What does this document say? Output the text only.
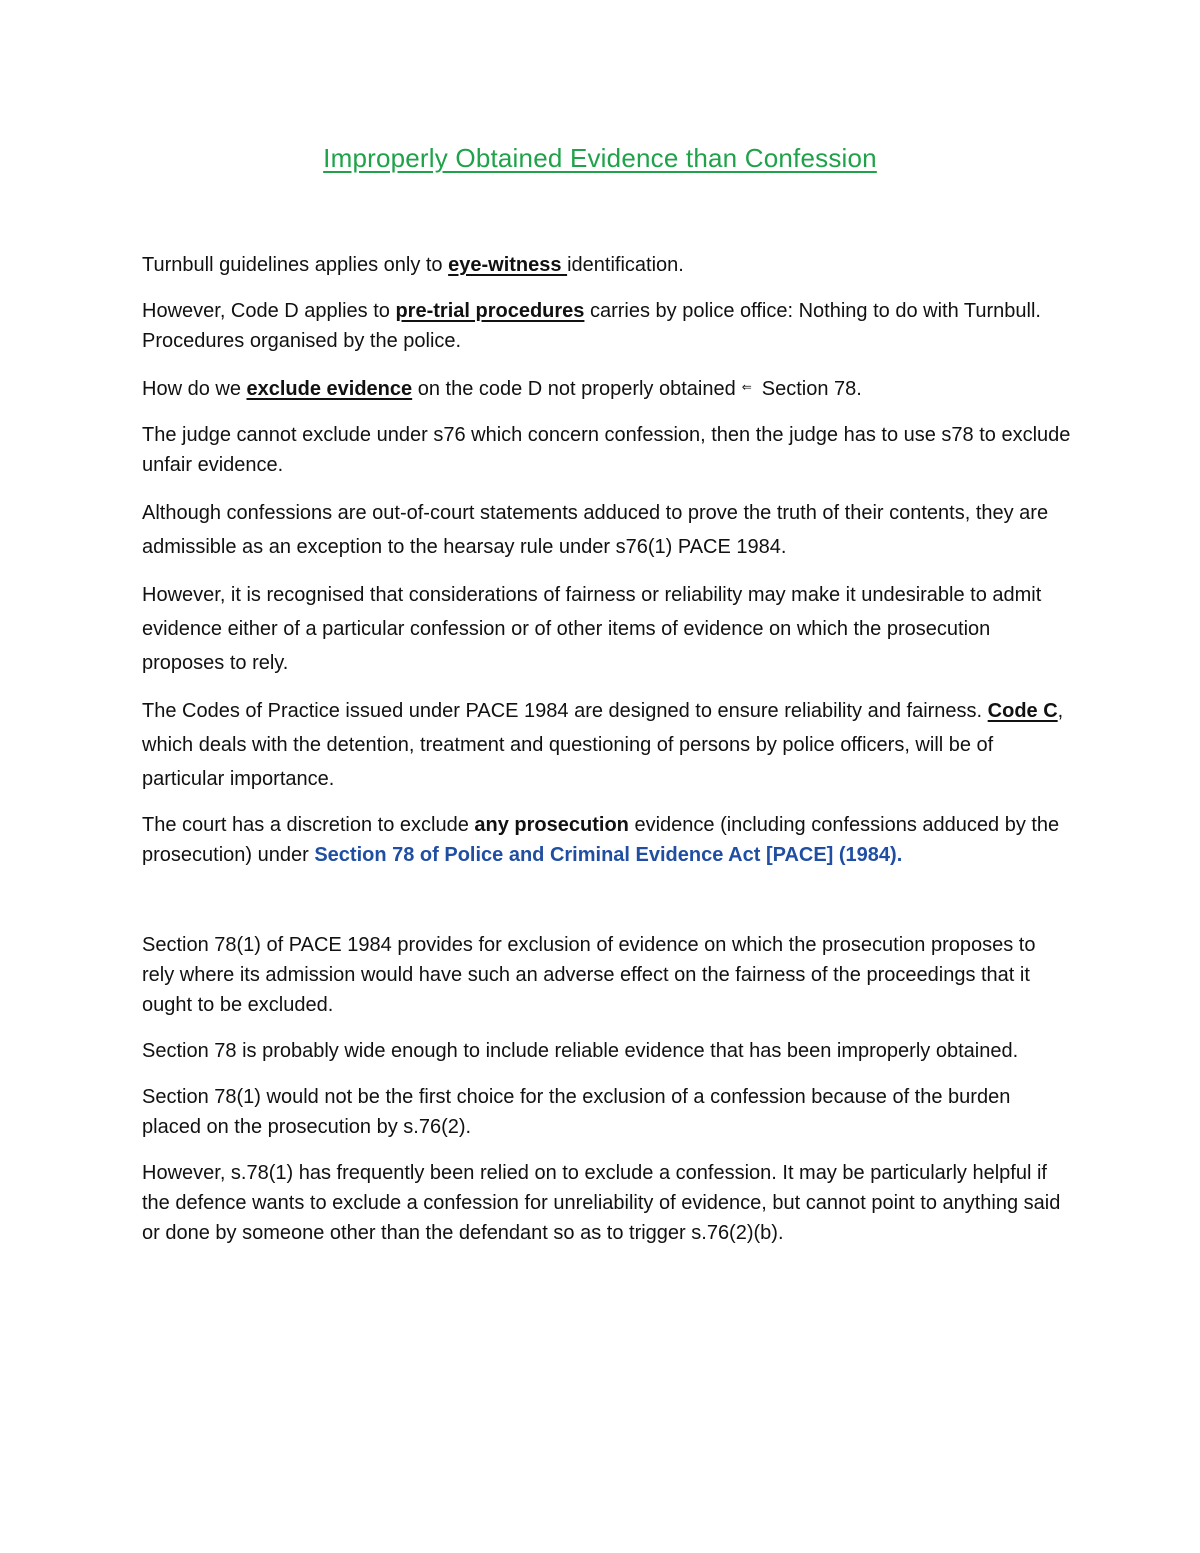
Improperly Obtained Evidence than Confession

Turnbull guidelines applies only to eye-witness identification.

However, Code D applies to pre-trial procedures carries by police office: Nothing to do with Turnbull. Procedures organised by the police.

How do we exclude evidence on the code D not properly obtained ⇐ Section 78.

The judge cannot exclude under s76 which concern confession, then the judge has to use s78 to exclude unfair evidence.

Although confessions are out-of-court statements adduced to prove the truth of their contents, they are admissible as an exception to the hearsay rule under s76(1) PACE 1984.

However, it is recognised that considerations of fairness or reliability may make it undesirable to admit evidence either of a particular confession or of other items of evidence on which the prosecution proposes to rely.

The Codes of Practice issued under PACE 1984 are designed to ensure reliability and fairness. Code C, which deals with the detention, treatment and questioning of persons by police officers, will be of particular importance.

The court has a discretion to exclude any prosecution evidence (including confessions adduced by the prosecution) under Section 78 of Police and Criminal Evidence Act [PACE] (1984).

Section 78(1) of PACE 1984 provides for exclusion of evidence on which the prosecution proposes to rely where its admission would have such an adverse effect on the fairness of the proceedings that it ought to be excluded.

Section 78 is probably wide enough to include reliable evidence that has been improperly obtained.

Section 78(1) would not be the first choice for the exclusion of a confession because of the burden placed on the prosecution by s.76(2).

However, s.78(1) has frequently been relied on to exclude a confession. It may be particularly helpful if the defence wants to exclude a confession for unreliability of evidence, but cannot point to anything said or done by someone other than the defendant so as to trigger s.76(2)(b).
